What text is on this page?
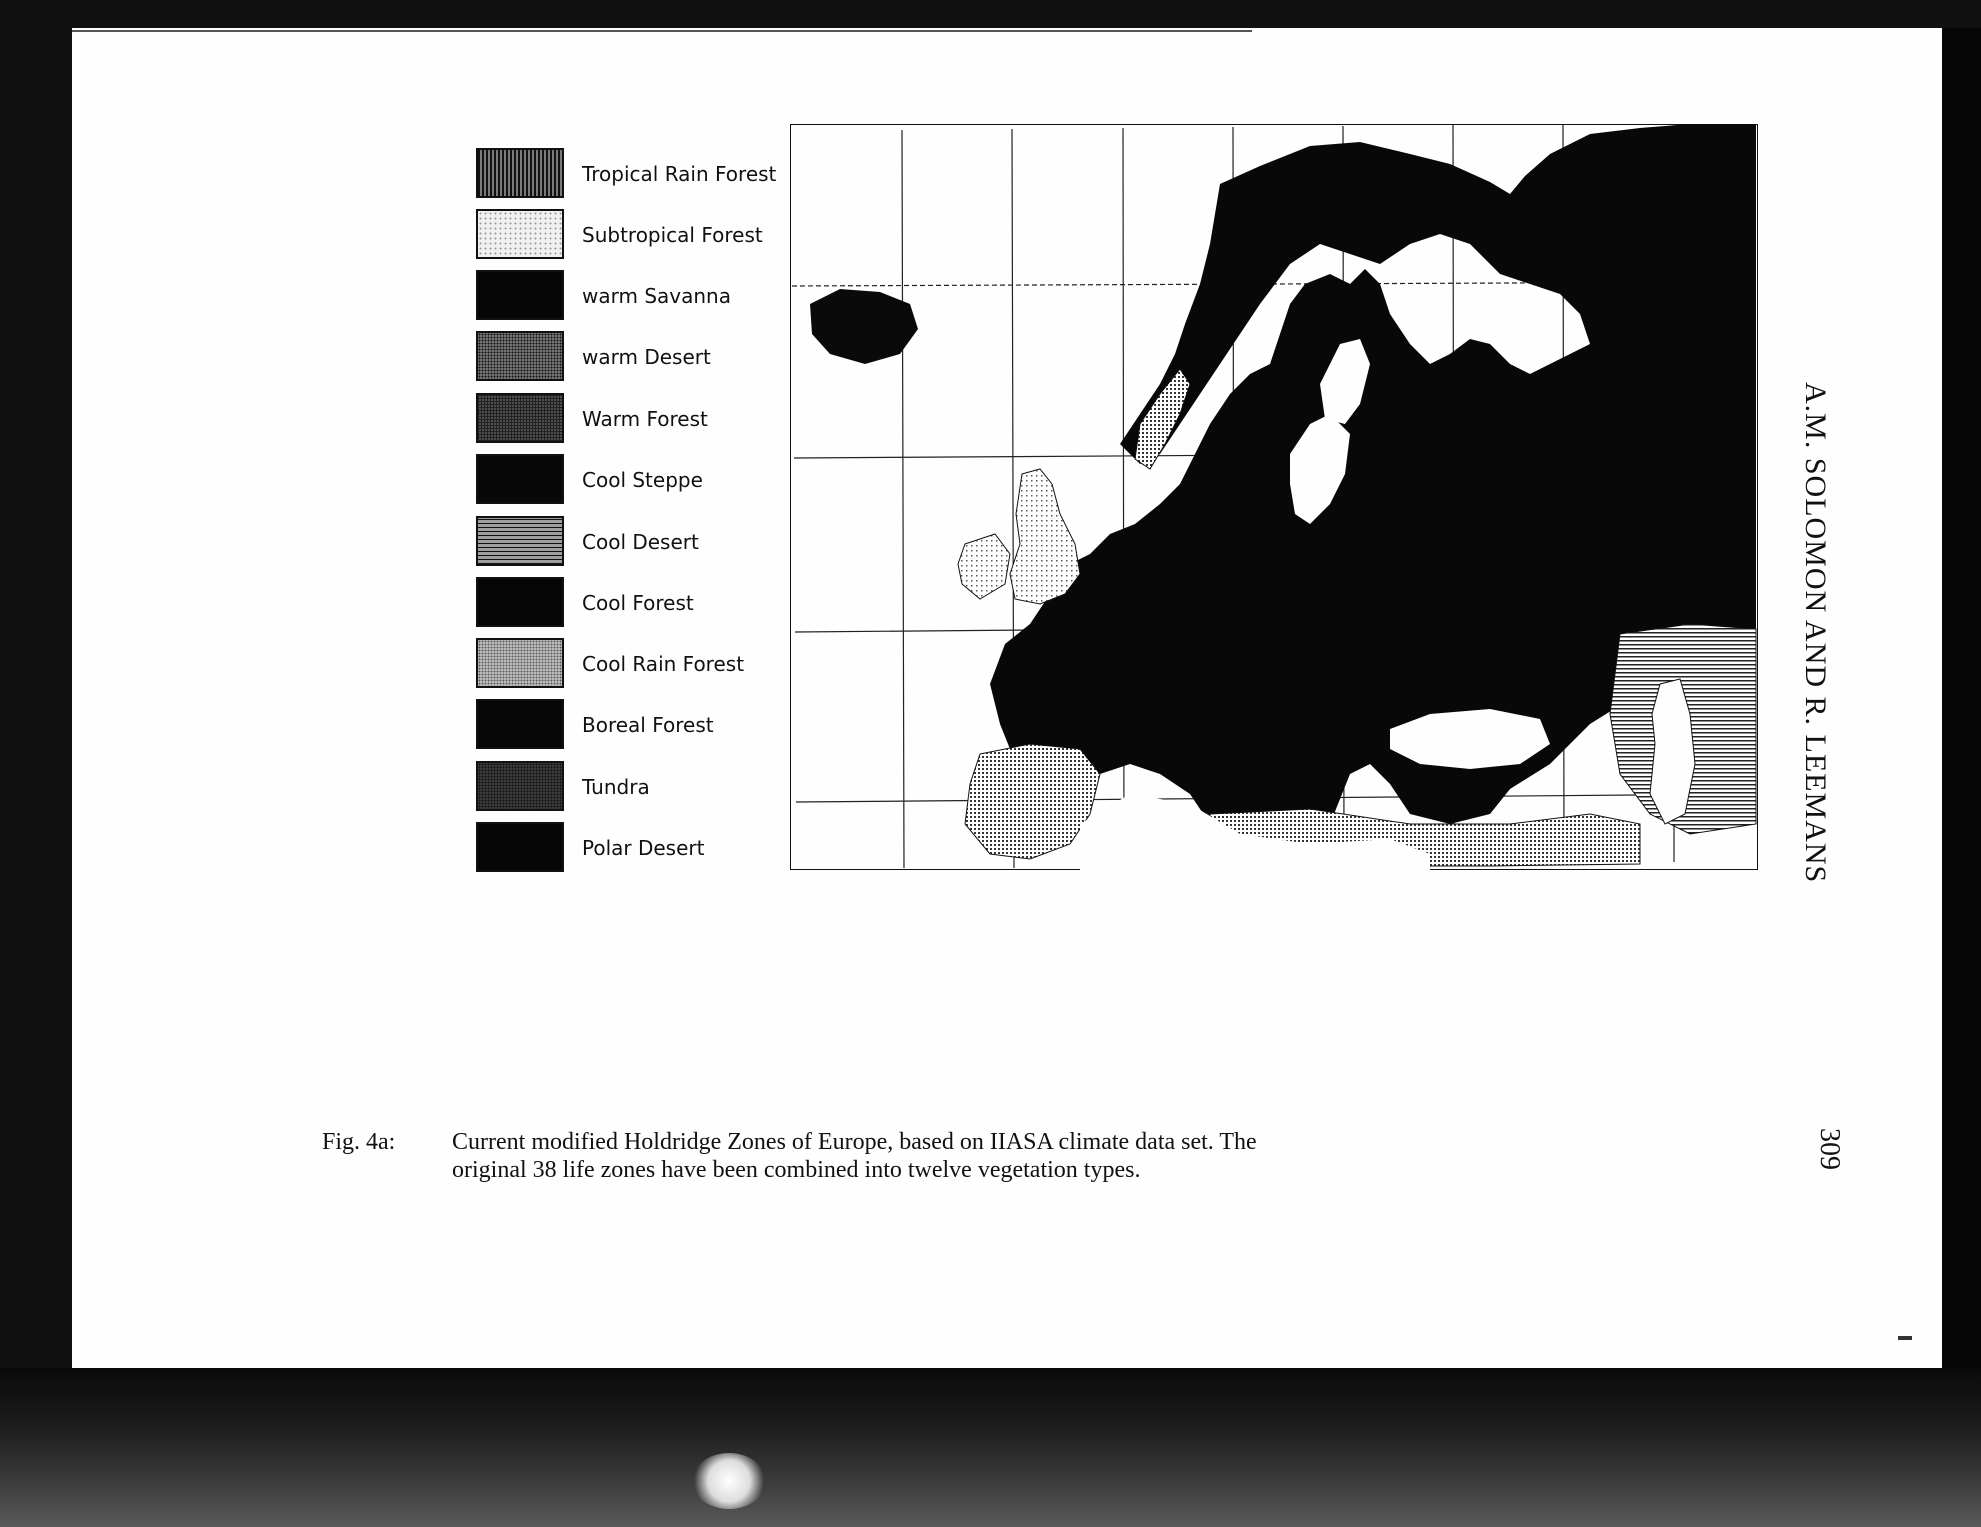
Tropical Rain Forest
Subtropical Forest
warm Savanna
warm Desert
Warm Forest
Cool Steppe
Cool Desert
Cool Forest
Cool Rain Forest
Boreal Forest
Tundra
Polar Desert	A.M. SOLOMON AND R. LEEMANS
309
Fig. 4a: Current modified Holdridge Zones of Europe, based on IIASA climate data set. The
original 38 life zones have been combined into twelve vegetation types.
